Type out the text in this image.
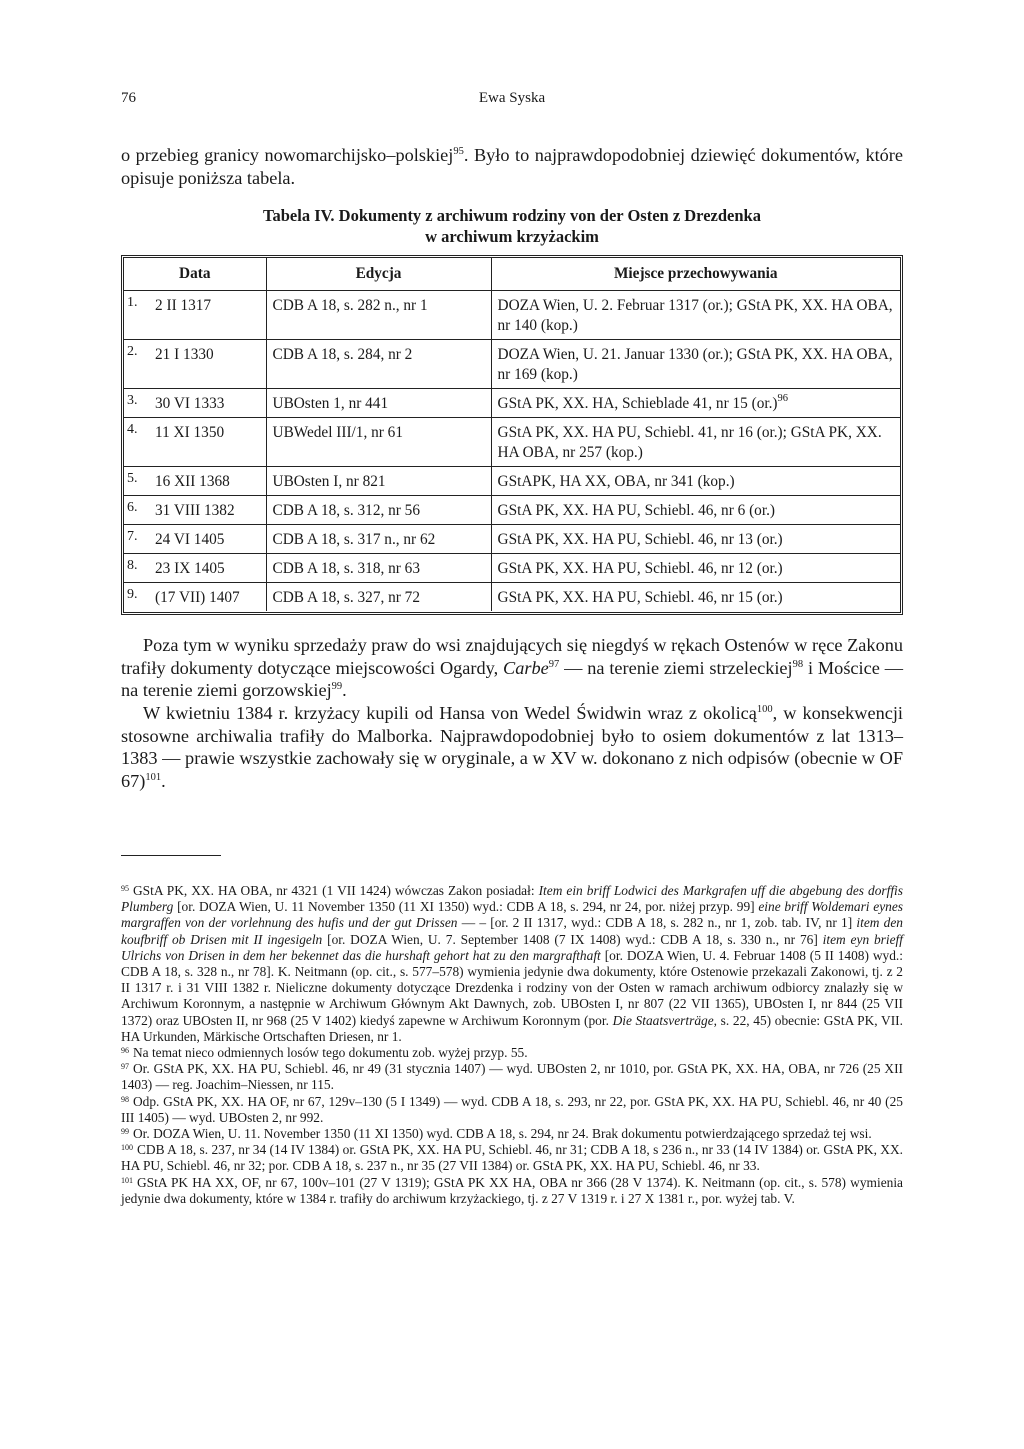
76	Ewa Syska

o przebieg granicy nowomarchijsko–polskiej$^{95}$. Było to najprawdopodobniej dziewięć dokumentów, które opisuje poniższa tabela.

Tabela IV. Dokumenty z archiwum rodziny von der Osten z Drezdenka
w archiwum krzyżackim
Data		Edycja	Miejsce przechowywania
1.	2 II 1317	CDB A 18, s. 282 n., nr 1	DOZA Wien, U. 2. Februar 1317 (or.); GStA PK, XX. HA OBA, nr 140 (kop.)
2.	21 I 1330	CDB A 18, s. 284, nr 2	DOZA Wien, U. 21. Januar 1330 (or.); GStA PK, XX. HA OBA, nr 169 (kop.)
3.	30 VI 1333	UBOsten 1, nr 441	GStA PK, XX. HA, Schieblade 41, nr 15 $(or.)^{96}$
4.	11 XI 1350	UBWedel III/1, nr 61	GStA PK, XX. HA PU, Schiebl. 41, nr 16 (or.); GStA PK, XX. HA OBA, nr 257 (kop.)
5.	16 XII 1368	UBOsten I, nr 821	GStAPK, HA XX, OBA, nr 341 (kop.)
6.	31 VIII 1382	CDB A 18, s. 312, nr 56	GStA PK, XX. HA PU, Schiebl. 46, nr 6 (or.)
7.	24 VI 1405	CDB A 18, s. 317 n., nr 62	GStA PK, XX. HA PU, Schiebl. 46, nr 13 (or.)
8.	23 IX 1405	CDB A 18, s. 318, nr 63	GStA PK, XX. HA PU, Schiebl. 46, nr 12 (or.)
9.	(17 VII) 1407	CDB A 18, s. 327, nr 72	GStA PK, XX. HA PU, Schiebl. 46, nr 15 (or.)

Poza tym w wyniku sprzedaży praw do wsi znajdujących się niegdyś w rękach Ostenów w ręce Zakonu trafiły dokumenty dotyczące miejscowości Ogardy, Carbe$^{97}$ — na terenie ziemi strzeleckiej$^{98}$ i Mościce — na terenie ziemi gorzowskiej$^{99}$.

W kwietniu 1384 r. krzyżacy kupili od Hansa von Wedel Świdwin wraz z okolicą$^{100}$, w konsekwencji stosowne archiwalia trafiły do Malborka. Najprawdopodobniej było to osiem dokumentów z lat 1313–1383 — prawie wszystkie zachowały się w oryginale, a w XV w. dokonano z nich odpisów (obecnie w OF 67)$^{101}$.

$^{95}$ GStA PK, XX. HA OBA, nr 4321 (1 VII 1424) wówczas Zakon posiadał: Item ein briff Lodwici des Markgrafen uff die abgebung des dorffis Plumberg [or. DOZA Wien, U. 11 November 1350 (11 XI 1350) wyd.: CDB A 18, s. 294, nr 24, por. niżej przyp. 99] eine briff Woldemari eynes margraffen von der vorlehnung des hufis und der gut Drissen — – [or. 2 II 1317, wyd.: CDB A 18, s. 282 n., nr 1, zob. tab. IV, nr 1] item den koufbriff ob Drisen mit II ingesigeln [or. DOZA Wien, U. 7. September 1408 (7 IX 1408) wyd.: CDB A 18, s. 330 n., nr 76] item eyn brieff Ulrichs von Drisen in dem her bekennet das die hurshaft gehort hat zu den margrafthaft [or. DOZA Wien, U. 4. Februar 1408 (5 II 1408) wyd.: CDB A 18, s. 328 n., nr 78]. K. Neitmann (op. cit., s. 577–578) wymienia jedynie dwa dokumenty, które Ostenowie przekazali Zakonowi, tj. z 2 II 1317 r. i 31 VIII 1382 r. Nieliczne dokumenty dotyczące Drezdenka i rodziny von der Osten w ramach archiwum odbiorcy znalazły się w Archiwum Koronnym, a następnie w Archiwum Głównym Akt Dawnych, zob. UBOsten I, nr 807 (22 VII 1365), UBOsten I, nr 844 (25 VII 1372) oraz UBOsten II, nr 968 (25 V 1402) kiedyś zapewne w Archiwum Koronnym (por. Die Staatsverträge, s. 22, 45) obecnie: GStA PK, VII. HA Urkunden, Märkische Ortschaften Driesen, nr 1.

$^{96}$ Na temat nieco odmiennych losów tego dokumentu zob. wyżej przyp. 55.

$^{97}$ Or. GStA PK, XX. HA PU, Schiebl. 46, nr 49 (31 stycznia 1407) — wyd. UBOsten 2, nr 1010, por. GStA PK, XX. HA, OBA, nr 726 (25 XII 1403) — reg. Joachim–Niessen, nr 115.

$^{98}$ Odp. GStA PK, XX. HA OF, nr 67, 129v–130 (5 I 1349) — wyd. CDB A 18, s. 293, nr 22, por. GStA PK, XX. HA PU, Schiebl. 46, nr 40 (25 III 1405) — wyd. UBOsten 2, nr 992.

$^{99}$ Or. DOZA Wien, U. 11. November 1350 (11 XI 1350) wyd. CDB A 18, s. 294, nr 24. Brak dokumentu potwierdzającego sprzedaż tej wsi.

$^{100}$ CDB A 18, s. 237, nr 34 (14 IV 1384) or. GStA PK, XX. HA PU, Schiebl. 46, nr 31; CDB A 18, s 236 n., nr 33 (14 IV 1384) or. GStA PK, XX. HA PU, Schiebl. 46, nr 32; por. CDB A 18, s. 237 n., nr 35 (27 VII 1384) or. GStA PK, XX. HA PU, Schiebl. 46, nr 33.

$^{101}$ GStA PK HA XX, OF, nr 67, 100v–101 (27 V 1319); GStA PK XX HA, OBA nr 366 (28 V 1374). K. Neitmann (op. cit., s. 578) wymienia jedynie dwa dokumenty, które w 1384 r. trafiły do archiwum krzyżackiego, tj. z 27 V 1319 r. i 27 X 1381 r., por. wyżej tab. V.
